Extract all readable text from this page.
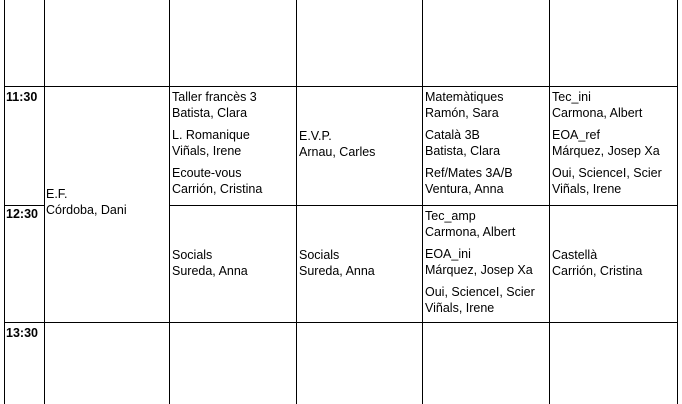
11:30
12:30
13:30
E.F.
Córdoba, Dani
Taller francès 3
Batista, Clara
L. Romanique
Viñals, Irene
Ecoute-vous
Carrión, Cristina
E.V.P.
Arnau, Carles
Matemàtiques
Ramón, Sara
Català 3B
Batista, Clara
Ref/Mates 3A/B
Ventura, Anna
Tec_ini
Carmona, Albert
EOA_ref
Márquez, Josep Xa
Oui, ScienceI, Scier
Viñals, Irene
Socials
Sureda, Anna
Socials
Sureda, Anna
Tec_amp
Carmona, Albert
EOA_ini
Márquez, Josep Xa
Oui, ScienceI, Scier
Viñals, Irene
Castellà
Carrión, Cristina
